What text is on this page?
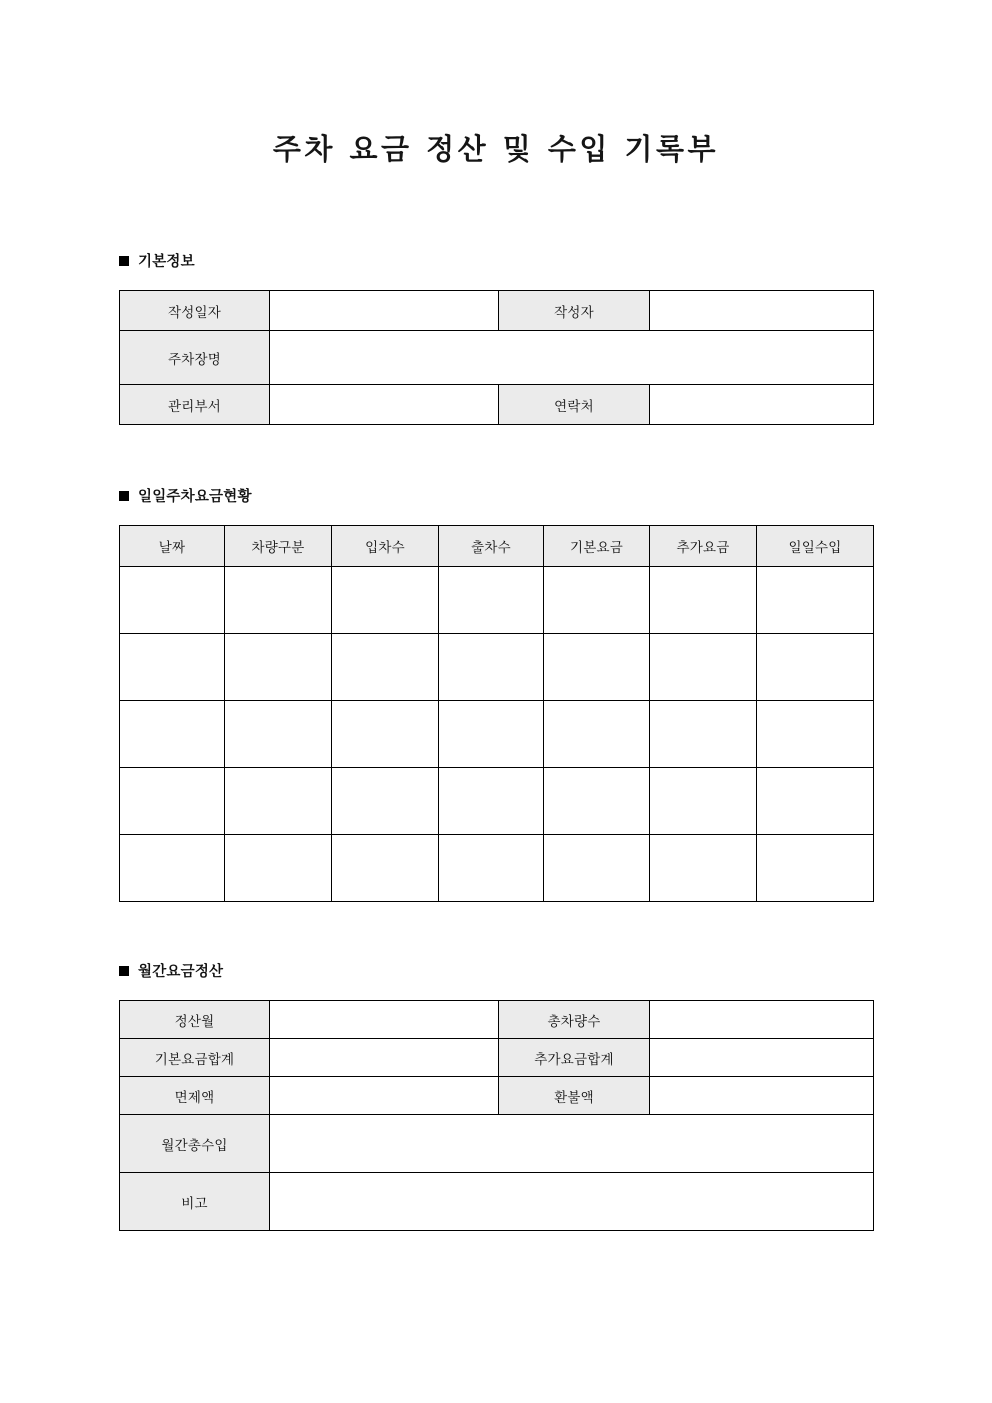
주차 요금 정산 및 수입 기록부
기본정보
작성일자		작성자	
주차장명			
관리부서		연락처	
일일주차요금현황
날짜	차량구분	입차수	출차수	기본요금	추가요금	일일수입

월간요금정산
정산월		총차량수	
기본요금합계		추가요금합계	
면제액		환불액	
월간총수입			
비고			
